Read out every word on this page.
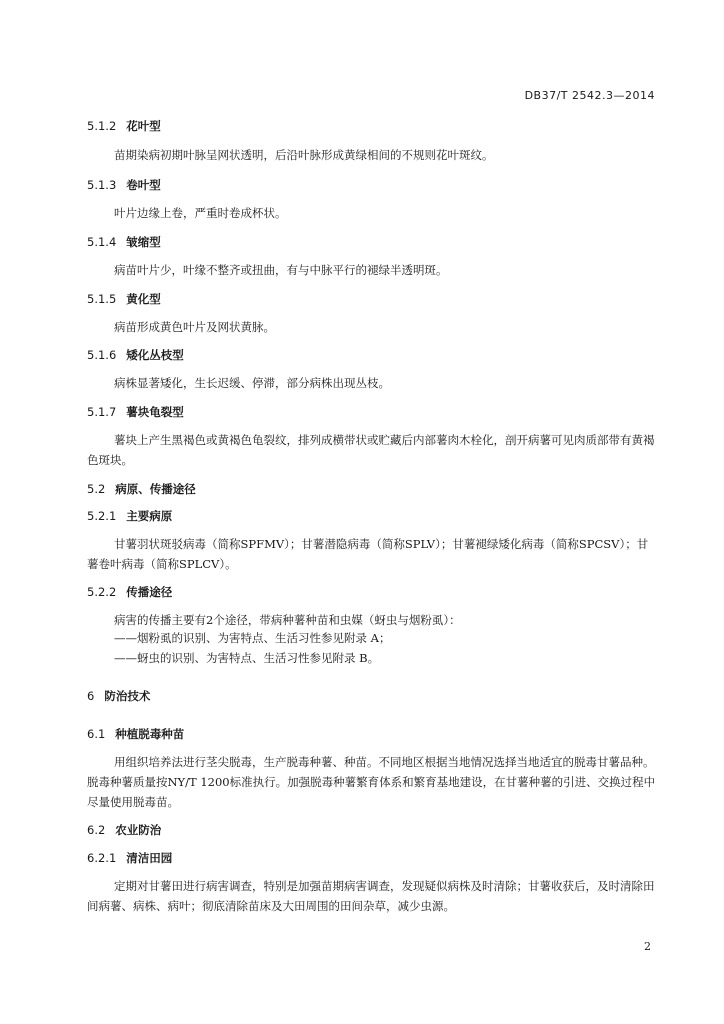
DB37/T 2542.3—2014
5.1.2 花叶型
苗期染病初期叶脉呈网状透明，后沿叶脉形成黄绿相间的不规则花叶斑纹。
5.1.3 卷叶型
叶片边缘上卷，严重时卷成杯状。
5.1.4 皱缩型
病苗叶片少，叶缘不整齐或扭曲，有与中脉平行的褪绿半透明斑。
5.1.5 黄化型
病苗形成黄色叶片及网状黄脉。
5.1.6 矮化丛枝型
病株显著矮化，生长迟缓、停滞，部分病株出现丛枝。
5.1.7 薯块龟裂型
薯块上产生黑褐色或黄褐色龟裂纹，排列成横带状或贮藏后内部薯肉木栓化，剖开病薯可见肉质部带有黄褐色斑块。
5.2 病原、传播途径
5.2.1 主要病原
甘薯羽状斑驳病毒（简称SPFMV）；甘薯潜隐病毒（简称SPLV）；甘薯褪绿矮化病毒（简称SPCSV）；甘薯卷叶病毒（简称SPLCV）。
5.2.2 传播途径
病害的传播主要有2个途径，带病种薯种苗和虫媒（蚜虫与烟粉虱）：
——烟粉虱的识别、为害特点、生活习性参见附录 A；
——蚜虫的识别、为害特点、生活习性参见附录 B。
6 防治技术
6.1 种植脱毒种苗
用组织培养法进行茎尖脱毒，生产脱毒种薯、种苗。不同地区根据当地情况选择当地适宜的脱毒甘薯品种。脱毒种薯质量按NY/T 1200标准执行。加强脱毒种薯繁育体系和繁育基地建设，在甘薯种薯的引进、交换过程中尽量使用脱毒苗。
6.2 农业防治
6.2.1 清洁田园
定期对甘薯田进行病害调查，特别是加强苗期病害调查，发现疑似病株及时清除；甘薯收获后，及时清除田间病薯、病株、病叶；彻底清除苗床及大田周围的田间杂草，减少虫源。
2
